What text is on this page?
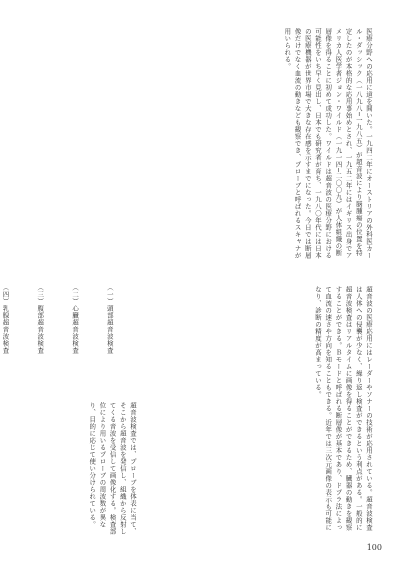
医療分野への応用に道を開いた。一九四二年にオーストリアの外科医カール・ダッシック（一八九八─一九八五）が超音波により脳腫瘍の位置を特定したのが本格的な応用事始めとされ、一九五二年にはイギリス出身でアメリカ人医学者ジョン・ワイルド（一九一四─二〇〇九）が人体組織の断層像を得ることに初めて成功した。ワイルドは超音波の医療分野における可能性をいち早く見出し、日本でも研究者が育ち、一九八〇年代には日本の医療機器が世界市場で大きな存在感を示すまでになった。今日では断層像だけでなく血流の動きなども観察でき、プローブと呼ばれるスキャナが用いられる。

（一）頭部超音波検査

（二）心臓超音波検査

（三）腹部超音波検査

（四）乳腺超音波検査

	超音波の医療応用にはレーダーやソナーの技術が応用されている。超音波検査は人体への侵襲が少なく、繰り返し検査ができるという利点がある。一般的に超音波検査はリアルタイムに画像を得ることができるため、臓器の動きを観察することができる。Ｂモードと呼ばれる断層像が基本であり、ドプラ法によって血流の速さや方向を知ることもできる。近年では三次元画像の表示も可能になり、診断の精度が高まっている。
超音波検査では、プローブを体表に当て、そこから超音波を発信し、組織から反射してくる音波を受信して画像化する。検査部位により用いるプローブの周波数が異なり、目的に応じて使い分けられている。
100
